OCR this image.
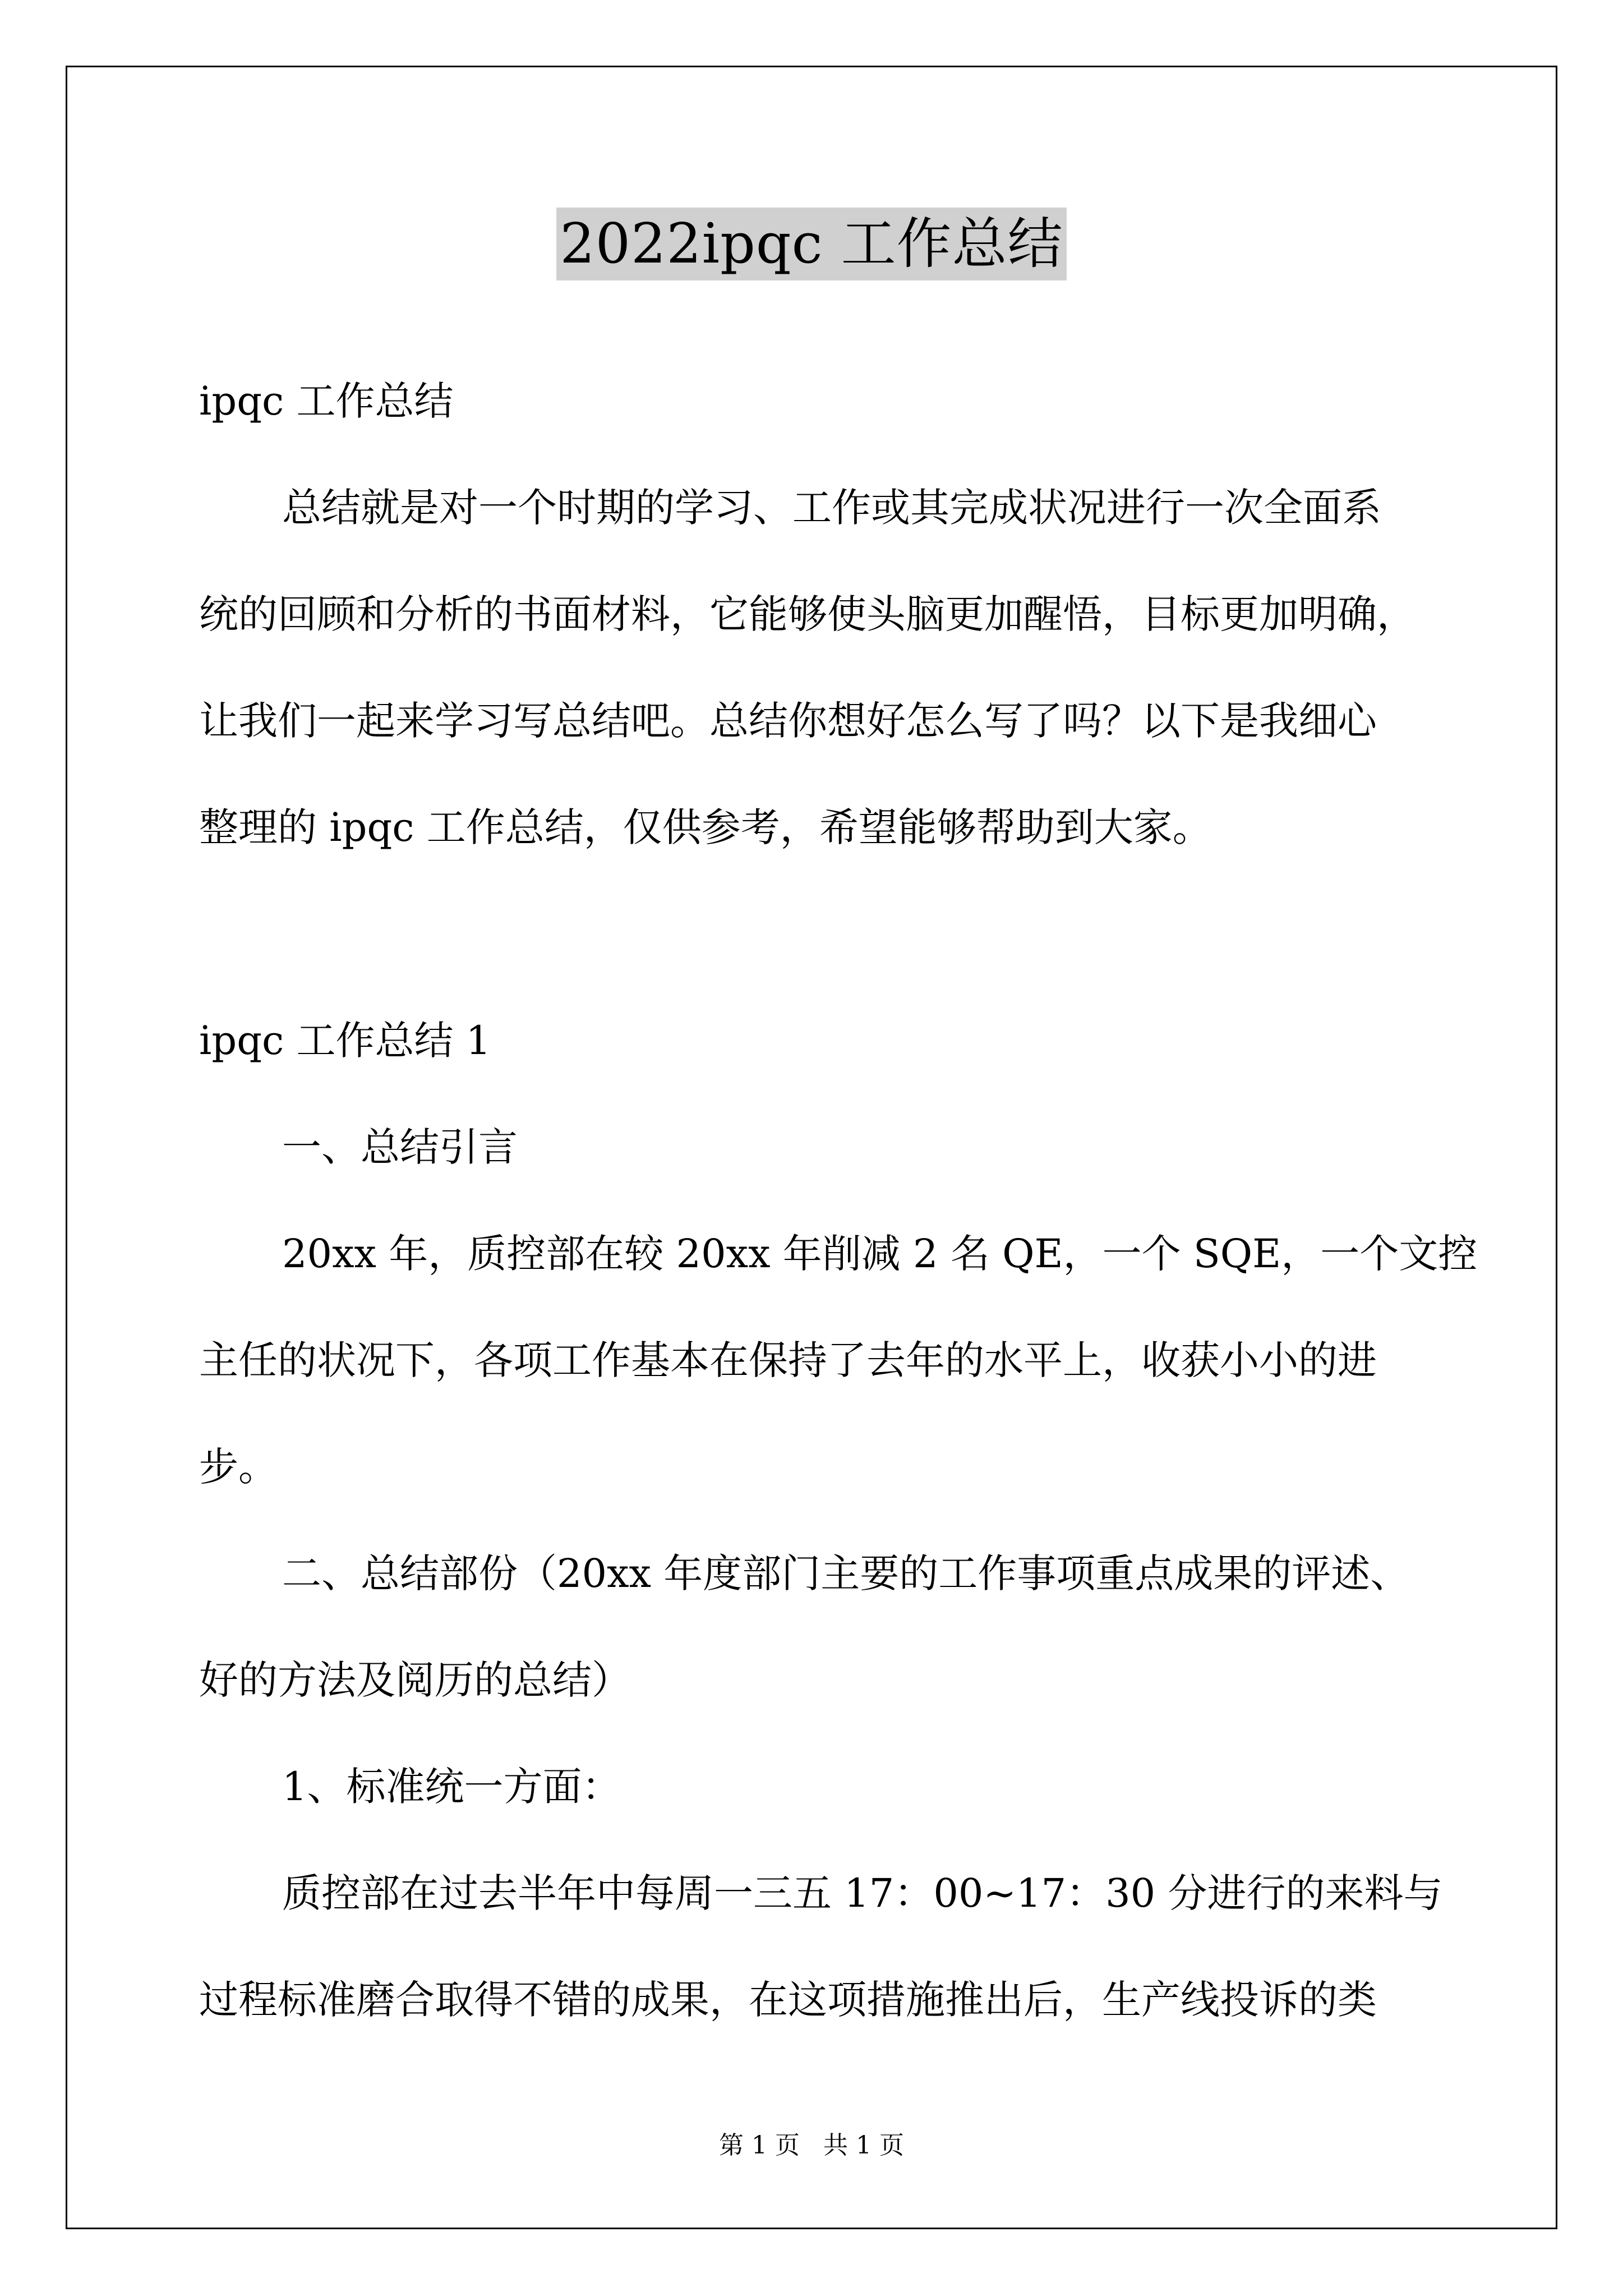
2022ipqc 工作总结

ipqc 工作总结

总结就是对一个时期的学习、工作或其完成状况进行一次全面系

统的回顾和分析的书面材料，它能够使头脑更加醒悟，目标更加明确，

让我们一起来学习写总结吧。总结你想好怎么写了吗？以下是我细心

整理的 ipqc 工作总结，仅供参考，希望能够帮助到大家。

ipqc 工作总结 1

一、总结引言

20xx 年，质控部在较 20xx 年削减 2 名 QE，一个 SQE，一个文控

主任的状况下，各项工作基本在保持了去年的水平上，收获小小的进

步。

二、总结部份（20xx 年度部门主要的工作事项重点成果的评述、

好的方法及阅历的总结）

1、标准统一方面：

质控部在过去半年中每周一三五 17：00~17：30 分进行的来料与

过程标准磨合取得不错的成果，在这项措施推出后，生产线投诉的类

第 1 页   共 1 页
